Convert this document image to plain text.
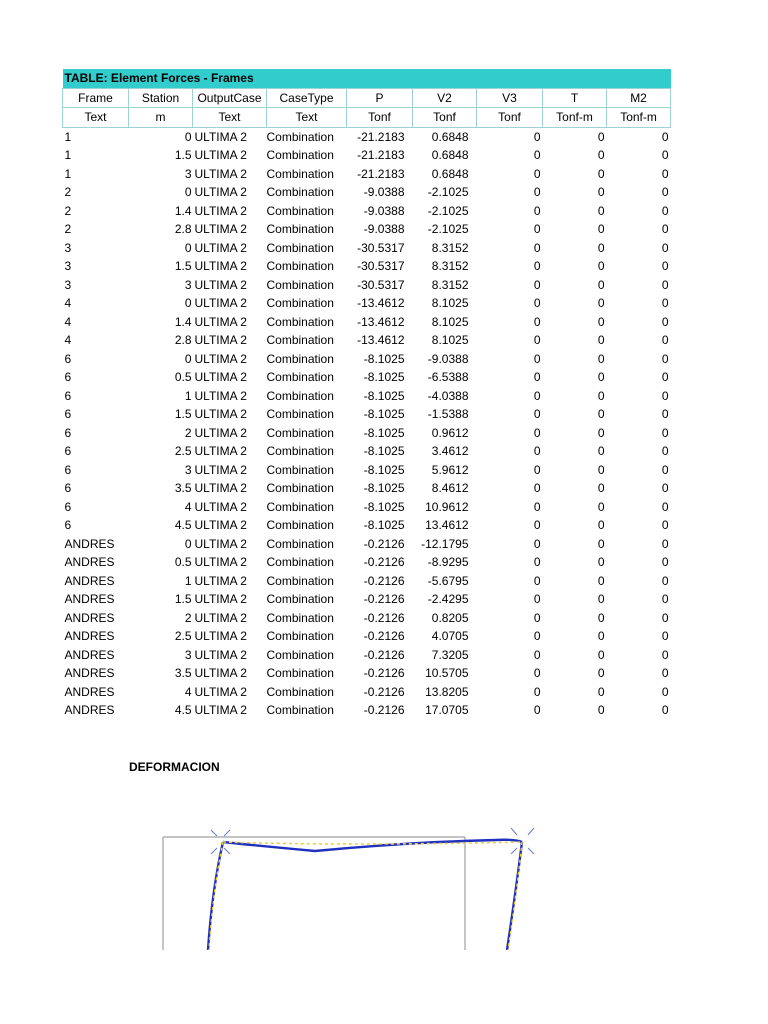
TABLE: Element Forces - Frames								
Frame	Station	OutputCase	CaseType	P	V2	V3	T	M2
Text	m	Text	Text	Tonf	Tonf	Tonf	Tonf-m	Tonf-m
1	0	ULTIMA 2	Combination	-21.2183	0.6848	0	0	0
1	1.5	ULTIMA 2	Combination	-21.2183	0.6848	0	0	0
1	3	ULTIMA 2	Combination	-21.2183	0.6848	0	0	0
2	0	ULTIMA 2	Combination	-9.0388	-2.1025	0	0	0
2	1.4	ULTIMA 2	Combination	-9.0388	-2.1025	0	0	0
2	2.8	ULTIMA 2	Combination	-9.0388	-2.1025	0	0	0
3	0	ULTIMA 2	Combination	-30.5317	8.3152	0	0	0
3	1.5	ULTIMA 2	Combination	-30.5317	8.3152	0	0	0
3	3	ULTIMA 2	Combination	-30.5317	8.3152	0	0	0
4	0	ULTIMA 2	Combination	-13.4612	8.1025	0	0	0
4	1.4	ULTIMA 2	Combination	-13.4612	8.1025	0	0	0
4	2.8	ULTIMA 2	Combination	-13.4612	8.1025	0	0	0
6	0	ULTIMA 2	Combination	-8.1025	-9.0388	0	0	0
6	0.5	ULTIMA 2	Combination	-8.1025	-6.5388	0	0	0
6	1	ULTIMA 2	Combination	-8.1025	-4.0388	0	0	0
6	1.5	ULTIMA 2	Combination	-8.1025	-1.5388	0	0	0
6	2	ULTIMA 2	Combination	-8.1025	0.9612	0	0	0
6	2.5	ULTIMA 2	Combination	-8.1025	3.4612	0	0	0
6	3	ULTIMA 2	Combination	-8.1025	5.9612	0	0	0
6	3.5	ULTIMA 2	Combination	-8.1025	8.4612	0	0	0
6	4	ULTIMA 2	Combination	-8.1025	10.9612	0	0	0
6	4.5	ULTIMA 2	Combination	-8.1025	13.4612	0	0	0
ANDRES	0	ULTIMA 2	Combination	-0.2126	-12.1795	0	0	0
ANDRES	0.5	ULTIMA 2	Combination	-0.2126	-8.9295	0	0	0
ANDRES	1	ULTIMA 2	Combination	-0.2126	-5.6795	0	0	0
ANDRES	1.5	ULTIMA 2	Combination	-0.2126	-2.4295	0	0	0
ANDRES	2	ULTIMA 2	Combination	-0.2126	0.8205	0	0	0
ANDRES	2.5	ULTIMA 2	Combination	-0.2126	4.0705	0	0	0
ANDRES	3	ULTIMA 2	Combination	-0.2126	7.3205	0	0	0
ANDRES	3.5	ULTIMA 2	Combination	-0.2126	10.5705	0	0	0
ANDRES	4	ULTIMA 2	Combination	-0.2126	13.8205	0	0	0
ANDRES	4.5	ULTIMA 2	Combination	-0.2126	17.0705	0	0	0
DEFORMACION
